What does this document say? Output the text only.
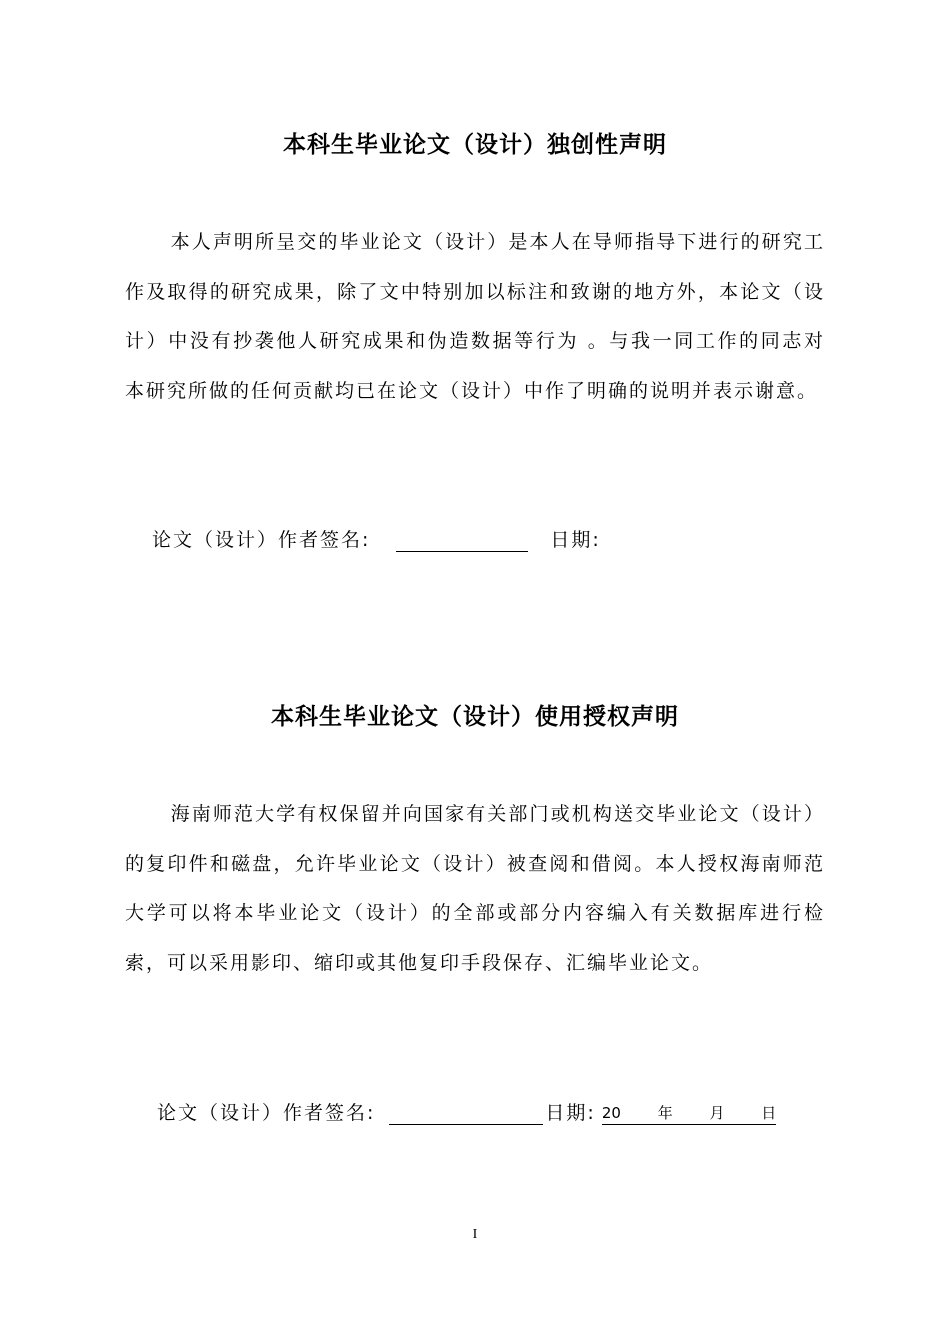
本科生毕业论文（设计）独创性声明
本人声明所呈交的毕业论文（设计）是本人在导师指导下进行的研究工作及取得的研究成果，除了文中特别加以标注和致谢的地方外，本论文（设计）中没有抄袭他人研究成果和伪造数据等行为 。与我一同工作的同志对本研究所做的任何贡献均已在论文（设计）中作了明确的说明并表示谢意。
论文（设计）作者签名:	日期:
本科生毕业论文（设计）使用授权声明
海南师范大学有权保留并向国家有关部门或机构送交毕业论文（设计）的复印件和磁盘，允许毕业论文（设计）被查阅和借阅。本人授权海南师范大学可以将本毕业论文（设计）的全部或部分内容编入有关数据库进行检索，可以采用影印、缩印或其他复印手段保存、汇编毕业论文。
论文（设计）作者签名:	日期: 20 年 月 日
I
